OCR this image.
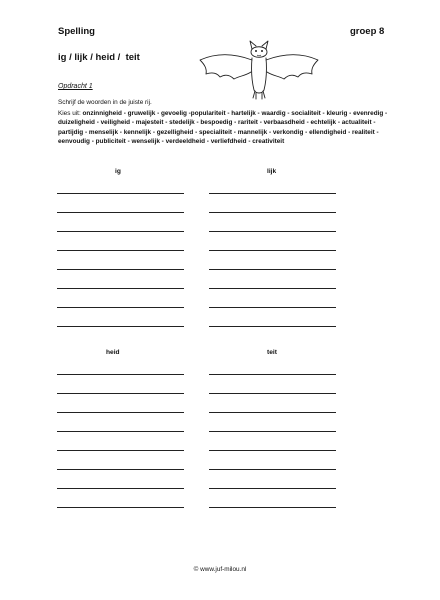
Spelling	groep 8
ig / lijk / heid /  teit
Opdracht 1
Schrijf de woorden in de juiste rij.
Kies uit: onzinnigheid - gruwelijk - gevoelig -populariteit - hartelijk - waardig - socialiteit - kleurig - evenredig - duizeligheid - veiligheid - majesteit - stedelijk - bespoedig - rariteit - verbaasdheid - echtelijk - actualiteit - partijdig - menselijk - kennelijk - gezelligheid - specialiteit - mannelijk - verkondig - ellendigheid - realiteit - eenvoudig - publiciteit - wenselijk - verdeeldheid - verliefdheid - creativiteit
ig	lijk
heid	teit
© www.juf-milou.nl
